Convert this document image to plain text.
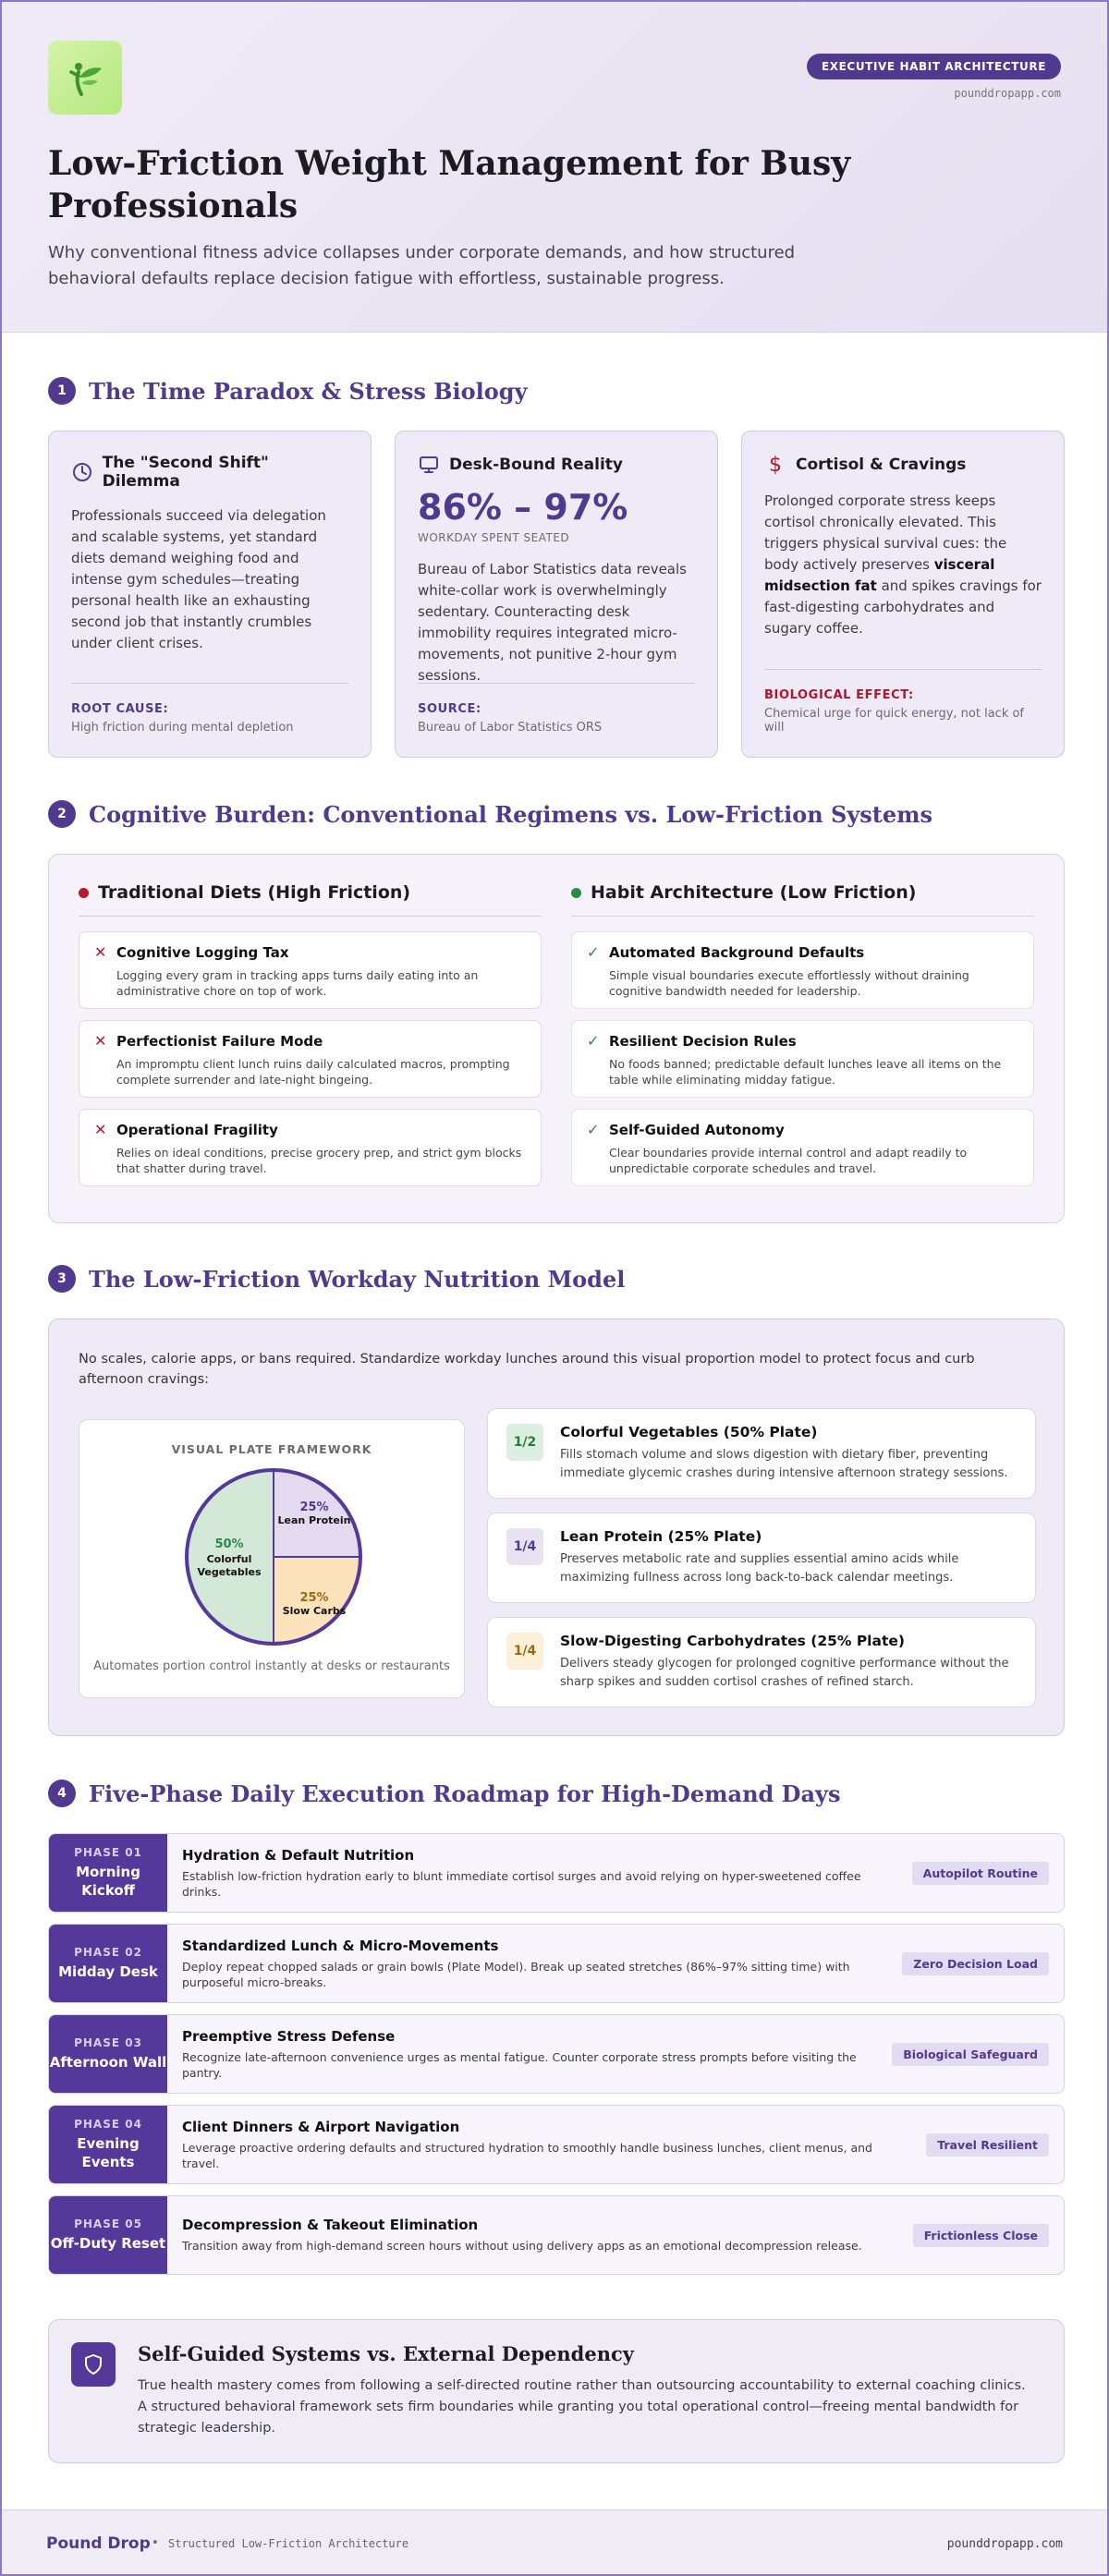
EXECUTIVE HABIT ARCHITECTURE
pounddropapp.com
Low-Friction Weight Management for Busy Professionals

Why conventional fitness advice collapses under corporate demands, and how structured behavioral defaults replace decision fatigue with effortless, sustainable progress.

1	The Time Paradox & Stress Biology
The "Second Shift" Dilemma

Professionals succeed via delegation and scalable systems, yet standard diets demand weighing food and intense gym schedules—treating personal health like an exhausting second job that instantly crumbles under client crises.

ROOT CAUSE:
High friction during mental depletion
Desk-Bound Reality
86% – 97%
WORKDAY SPENT SEATED

Bureau of Labor Statistics data reveals white-collar work is overwhelmingly sedentary. Counteracting desk immobility requires integrated micro-movements, not punitive 2-hour gym sessions.

SOURCE:
Bureau of Labor Statistics ORS
$ Cortisol & Cravings

Prolonged corporate stress keeps cortisol chronically elevated. This triggers physical survival cues: the body actively preserves visceral midsection fat and spikes cravings for fast-digesting carbohydrates and sugary coffee.

BIOLOGICAL EFFECT:
Chemical urge for quick energy, not lack of will
2	Cognitive Burden: Conventional Regimens vs. Low-Friction Systems
Traditional Diets (High Friction)
✕ Cognitive Logging Tax
Logging every gram in tracking apps turns daily eating into an administrative chore on top of work.
✕ Perfectionist Failure Mode
An impromptu client lunch ruins daily calculated macros, prompting complete surrender and late-night bingeing.
✕ Operational Fragility
Relies on ideal conditions, precise grocery prep, and strict gym blocks that shatter during travel.
Habit Architecture (Low Friction)
✓ Automated Background Defaults
Simple visual boundaries execute effortlessly without draining cognitive bandwidth needed for leadership.
✓ Resilient Decision Rules
No foods banned; predictable default lunches leave all items on the table while eliminating midday fatigue.
✓ Self-Guided Autonomy
Clear boundaries provide internal control and adapt readily to unpredictable corporate schedules and travel.
3	The Low-Friction Workday Nutrition Model

No scales, calorie apps, or bans required. Standardize workday lunches around this visual proportion model to protect focus and curb afternoon cravings:

VISUAL PLATE FRAMEWORK
50%
Colorful
Vegetables
25%
Lean Protein
25%
Slow Carbs
Automates portion control instantly at desks or restaurants
1/2
Colorful Vegetables (50% Plate)
Fills stomach volume and slows digestion with dietary fiber, preventing immediate glycemic crashes during intensive afternoon strategy sessions.
1/4
Lean Protein (25% Plate)
Preserves metabolic rate and supplies essential amino acids while maximizing fullness across long back-to-back calendar meetings.
1/4
Slow-Digesting Carbohydrates (25% Plate)
Delivers steady glycogen for prolonged cognitive performance without the sharp spikes and sudden cortisol crashes of refined starch.
4	Five-Phase Daily Execution Roadmap for High-Demand Days
PHASE 01
Morning Kickoff
Hydration & Default Nutrition
Establish low-friction hydration early to blunt immediate cortisol surges and avoid relying on hyper-sweetened coffee drinks.
Autopilot Routine
PHASE 02
Midday Desk
Standardized Lunch & Micro-Movements
Deploy repeat chopped salads or grain bowls (Plate Model). Break up seated stretches (86%–97% sitting time) with purposeful micro-breaks.
Zero Decision Load
PHASE 03
Afternoon Wall
Preemptive Stress Defense
Recognize late-afternoon convenience urges as mental fatigue. Counter corporate stress prompts before visiting the pantry.
Biological Safeguard
PHASE 04
Evening Events
Client Dinners & Airport Navigation
Leverage proactive ordering defaults and structured hydration to smoothly handle business lunches, client menus, and travel.
Travel Resilient
PHASE 05
Off-Duty Reset
Decompression & Takeout Elimination
Transition away from high-demand screen hours without using delivery apps as an emotional decompression release.
Frictionless Close
Self-Guided Systems vs. External Dependency

True health mastery comes from following a self-directed routine rather than outsourcing accountability to external coaching clinics. A structured behavioral framework sets firm boundaries while granting you total operational control—freeing mental bandwidth for strategic leadership.

Pound Drop • Structured Low-Friction Architecture	pounddropapp.com
